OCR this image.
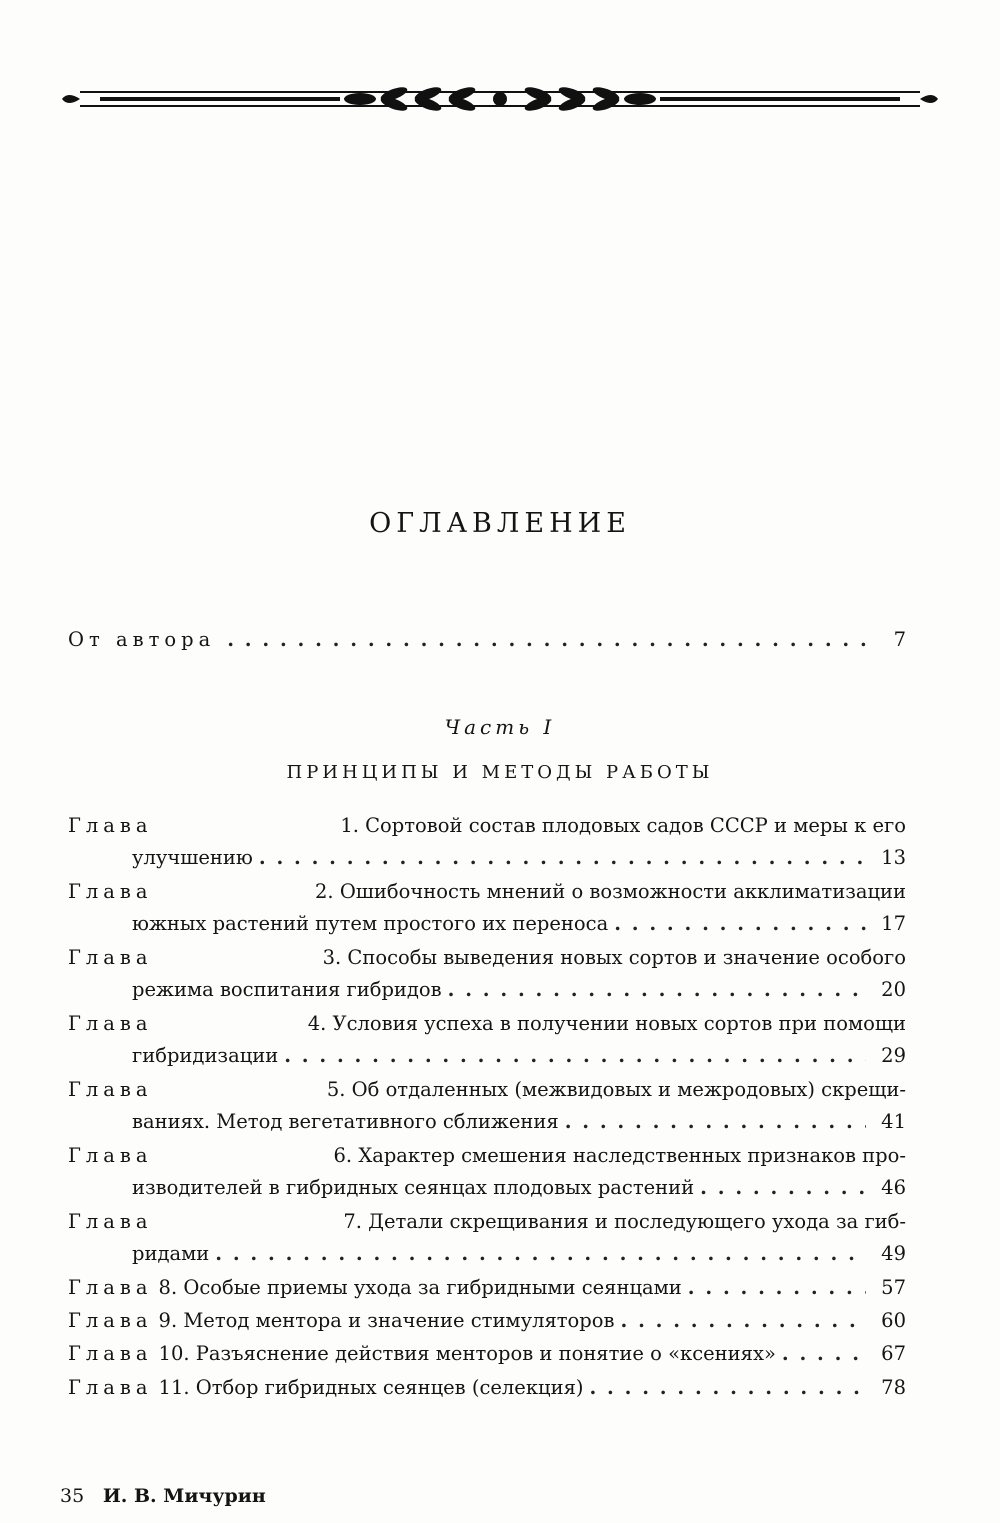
ОГЛАВЛЕНИЕ
От автора . . .	7
Часть I
ПРИНЦИПЫ И МЕТОДЫ РАБОТЫ
Глава	1. Сортовой состав плодовых садов СССР и меры к его
улучшению . . .	13
Глава	2. Ошибочность мнений о возможности акклиматизации
южных растений путем простого их переноса . . .	17
Глава	3. Способы выведения новых сортов и значение особого
режима воспитания гибридов . . .	20
Глава	4. Условия успеха в получении новых сортов при помощи
гибридизации . . .	29
Глава	5. Об отдаленных (межвидовых и межродовых) скрещи-
ваниях. Метод вегетативного сближения . . .	41
Глава	6. Характер смешения наследственных признаков про-
изводителей в гибридных сеянцах плодовых растений . . .	46
Глава	7. Детали скрещивания и последующего ухода за гиб-
ридами . . .	49
Глава 8. Особые приемы ухода за гибридными сеянцами . . .	57
Глава 9. Метод ментора и значение стимуляторов . . .	60
Глава 10. Разъяснение действия менторов и понятие о «ксениях» . . .	67
Глава 11. Отбор гибридных сеянцев (селекция) . . .	78
35 И. В. Мичурин
